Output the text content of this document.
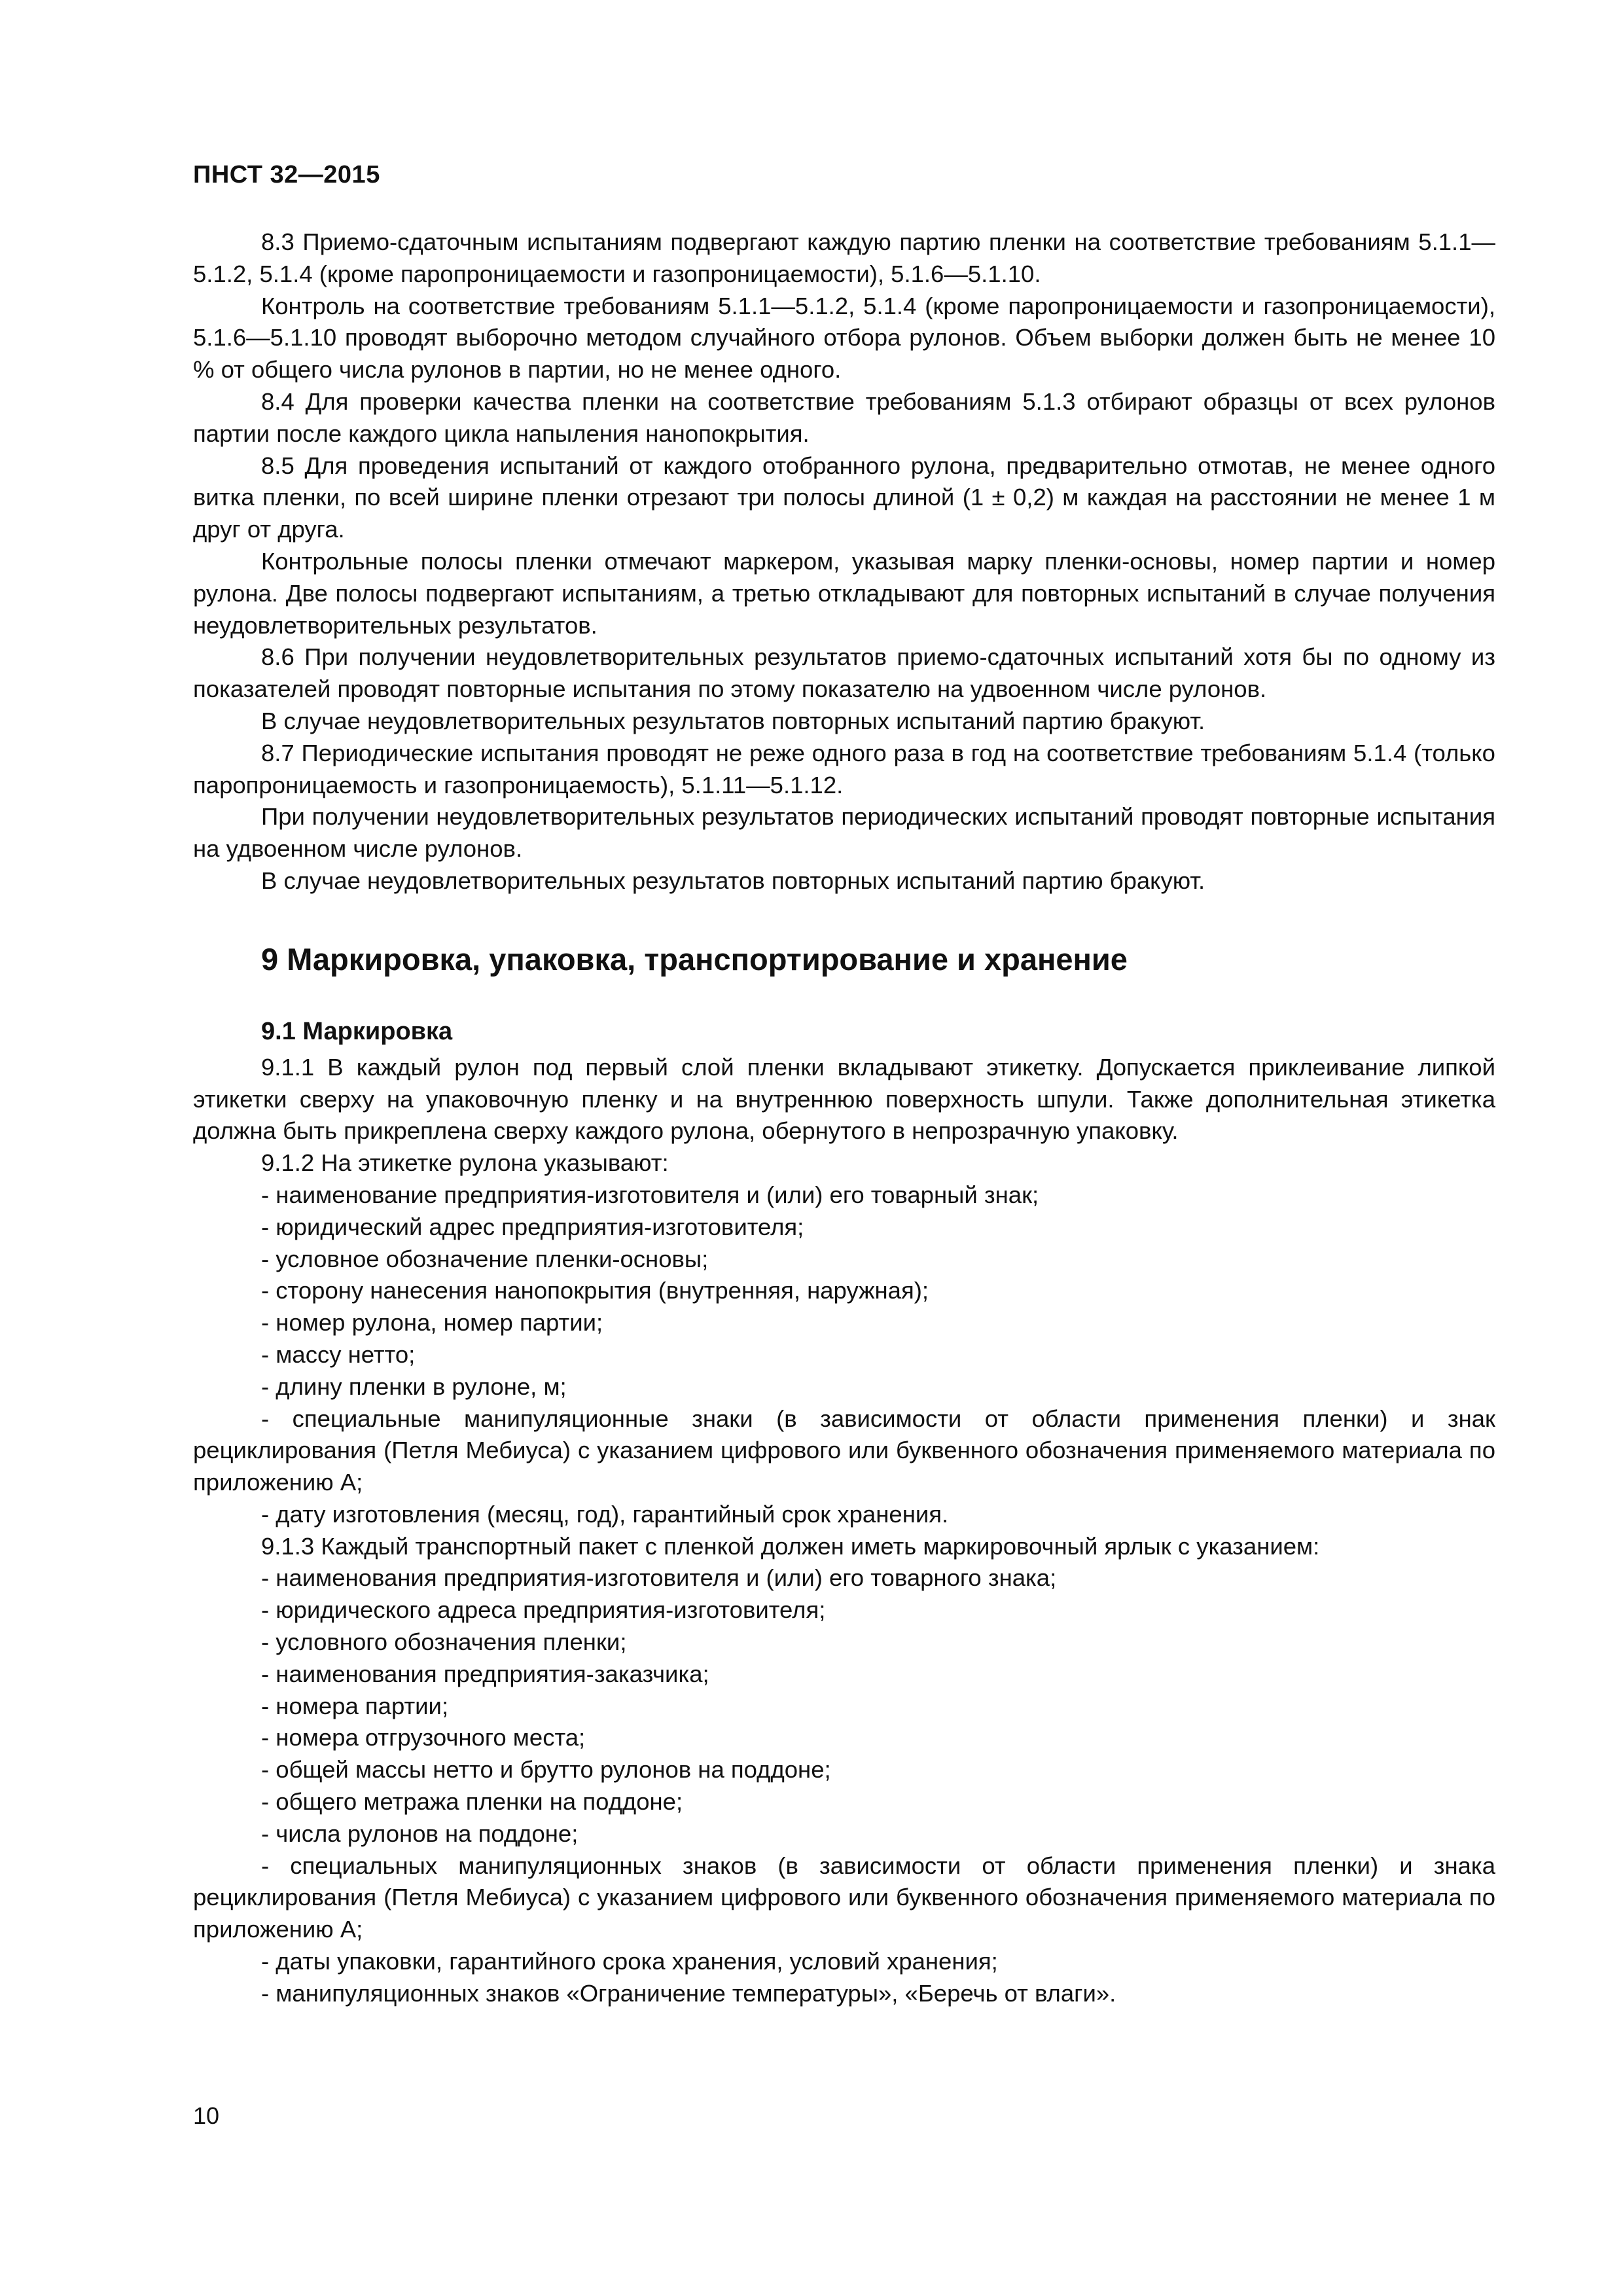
ПНСТ 32—2015

8.3 Приемо-сдаточным испытаниям подвергают каждую партию пленки на соответствие требованиям 5.1.1—5.1.2, 5.1.4 (кроме паропроницаемости и газопроницаемости), 5.1.6—5.1.10.

Контроль на соответствие требованиям 5.1.1—5.1.2, 5.1.4 (кроме паропроницаемости и газопроницаемости), 5.1.6—5.1.10 проводят выборочно методом случайного отбора рулонов. Объем выборки должен быть не менее 10 % от общего числа рулонов в партии, но не менее одного.

8.4 Для проверки качества пленки на соответствие требованиям 5.1.3 отбирают образцы от всех рулонов партии после каждого цикла напыления нанопокрытия.

8.5 Для проведения испытаний от каждого отобранного рулона, предварительно отмотав, не менее одного витка пленки, по всей ширине пленки отрезают три полосы длиной (1 ± 0,2) м каждая на расстоянии не менее 1 м друг от друга.

Контрольные полосы пленки отмечают маркером, указывая марку пленки-основы, номер партии и номер рулона. Две полосы подвергают испытаниям, а третью откладывают для повторных испытаний в случае получения неудовлетворительных результатов.

8.6 При получении неудовлетворительных результатов приемо-сдаточных испытаний хотя бы по одному из показателей проводят повторные испытания по этому показателю на удвоенном числе рулонов.

В случае неудовлетворительных результатов повторных испытаний партию бракуют.

8.7 Периодические испытания проводят не реже одного раза в год на соответствие требованиям 5.1.4 (только паропроницаемость и газопроницаемость), 5.1.11—5.1.12.

При получении неудовлетворительных результатов периодических испытаний проводят повторные испытания на удвоенном числе рулонов.

В случае неудовлетворительных результатов повторных испытаний партию бракуют.

9 Маркировка, упаковка, транспортирование и хранение
9.1 Маркировка

9.1.1 В каждый рулон под первый слой пленки вкладывают этикетку. Допускается приклеивание липкой этикетки сверху на упаковочную пленку и на внутреннюю поверхность шпули. Также дополнительная этикетка должна быть прикреплена сверху каждого рулона, обернутого в непрозрачную упаковку.

9.1.2 На этикетке рулона указывают:

- наименование предприятия-изготовителя и (или) его товарный знак;

- юридический адрес предприятия-изготовителя;

- условное обозначение пленки-основы;

- сторону нанесения нанопокрытия (внутренняя, наружная);

- номер рулона, номер партии;

- массу нетто;

- длину пленки в рулоне, м;

- специальные манипуляционные знаки (в зависимости от области применения пленки) и знак рециклирования (Петля Мебиуса) с указанием цифрового или буквенного обозначения применяемого материала по приложению А;

- дату изготовления (месяц, год), гарантийный срок хранения.

9.1.3 Каждый транспортный пакет с пленкой должен иметь маркировочный ярлык с указанием:

- наименования предприятия-изготовителя и (или) его товарного знака;

- юридического адреса предприятия-изготовителя;

- условного обозначения пленки;

- наименования предприятия-заказчика;

- номера партии;

- номера отгрузочного места;

- общей массы нетто и брутто рулонов на поддоне;

- общего метража пленки на поддоне;

- числа рулонов на поддоне;

- специальных манипуляционных знаков (в зависимости от области применения пленки) и знака рециклирования (Петля Мебиуса) с указанием цифрового или буквенного обозначения применяемого материала по приложению А;

- даты упаковки, гарантийного срока хранения, условий хранения;

- манипуляционных знаков «Ограничение температуры», «Беречь от влаги».

10
